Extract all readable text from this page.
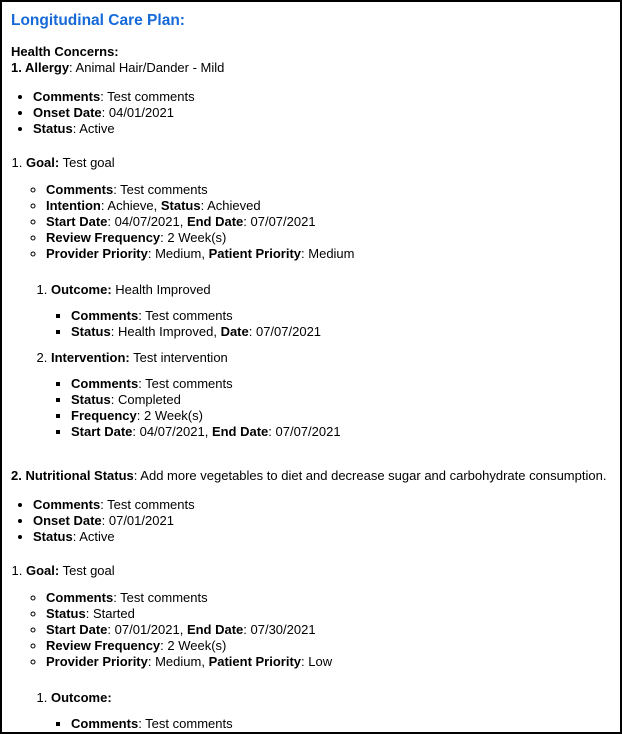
Longitudinal Care Plan:

Health Concerns:
1. Allergy: Animal Hair/Dander - Mild

• Comments: Test comments
• Onset Date: 04/01/2021
• Status: Active
1. Goal: Test goal
◦ Comments: Test comments
◦ Intention: Achieve, Status: Achieved
◦ Start Date: 04/07/2021, End Date: 07/07/2021
◦ Review Frequency: 2 Week(s)
◦ Provider Priority: Medium, Patient Priority: Medium
1. Outcome: Health Improved
▪ Comments: Test comments
▪ Status: Health Improved, Date: 07/07/2021
2. Intervention: Test intervention
▪ Comments: Test comments
▪ Status: Completed
▪ Frequency: 2 Week(s)
▪ Start Date: 04/07/2021, End Date: 07/07/2021

2. Nutritional Status: Add more vegetables to diet and decrease sugar and carbohydrate consumption.

• Comments: Test comments
• Onset Date: 07/01/2021
• Status: Active
1. Goal: Test goal
◦ Comments: Test comments
◦ Status: Started
◦ Start Date: 07/01/2021, End Date: 07/30/2021
◦ Review Frequency: 2 Week(s)
◦ Provider Priority: Medium, Patient Priority: Low
1. Outcome:
▪ Comments: Test comments
